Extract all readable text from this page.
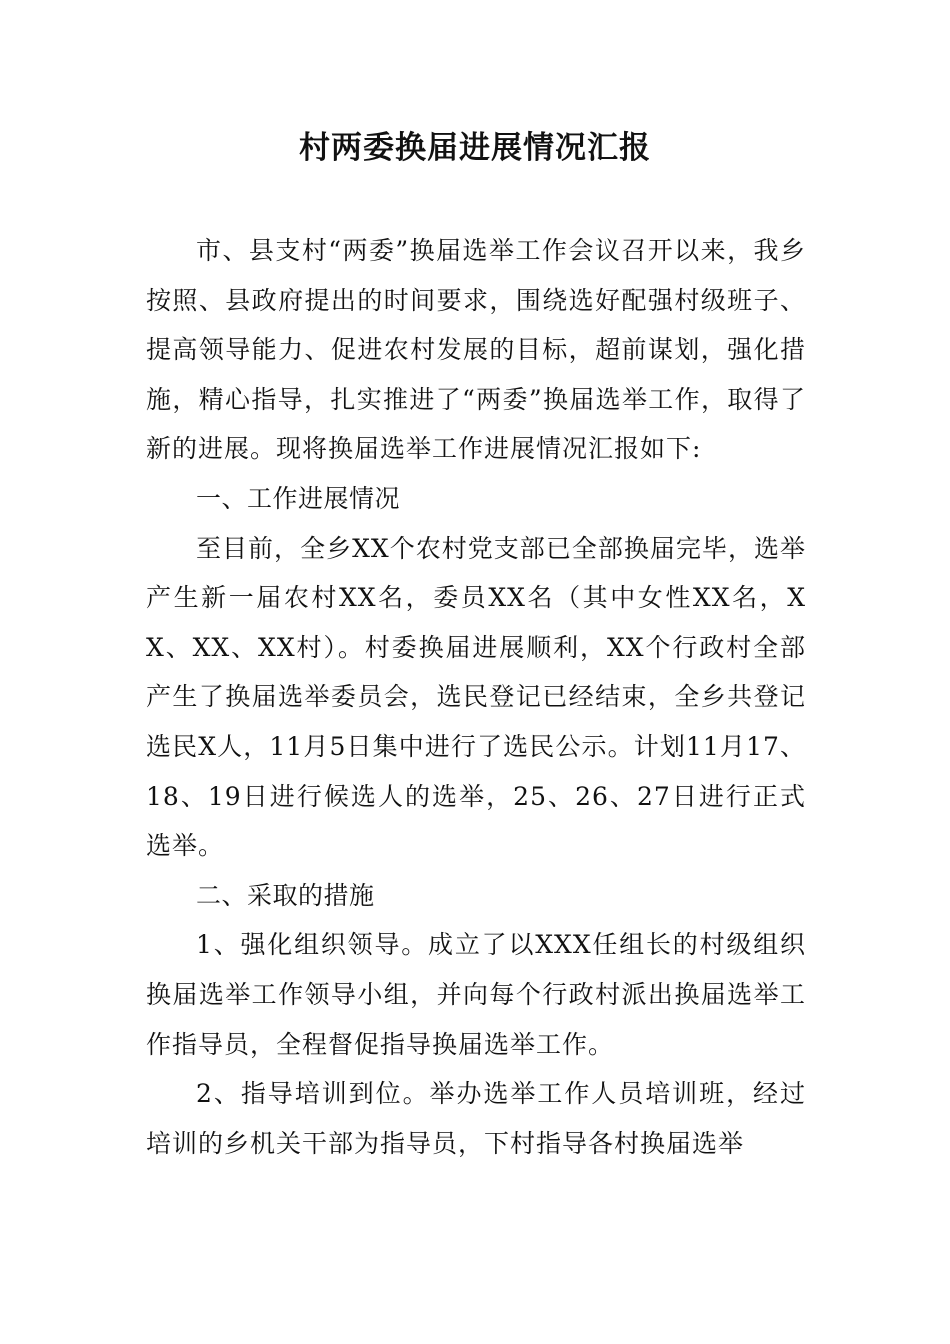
村两委换届进展情况汇报

市、县支村“两委”换届选举工作会议召开以来，我乡按照、县政府提出的时间要求，围绕选好配强村级班子、提高领导能力、促进农村发展的目标，超前谋划，强化措施，精心指导，扎实推进了“两委”换届选举工作，取得了新的进展。现将换届选举工作进展情况汇报如下:

一、工作进展情况

至目前，全乡XX个农村党支部已全部换届完毕，选举产生新一届农村XX名，委员XX名（其中女性XX名，XX、XX、XX村）。村委换届进展顺利，XX个行政村全部产生了换届选举委员会，选民登记已经结束，全乡共登记选民X人，11月5日集中进行了选民公示。计划11月17、18、19日进行候选人的选举，25、26、27日进行正式选举。

二、采取的措施

1、强化组织领导。成立了以XXX任组长的村级组织换届选举工作领导小组，并向每个行政村派出换届选举工作指导员，全程督促指导换届选举工作。

2、指导培训到位。举办选举工作人员培训班，经过培训的乡机关干部为指导员，下村指导各村换届选举
